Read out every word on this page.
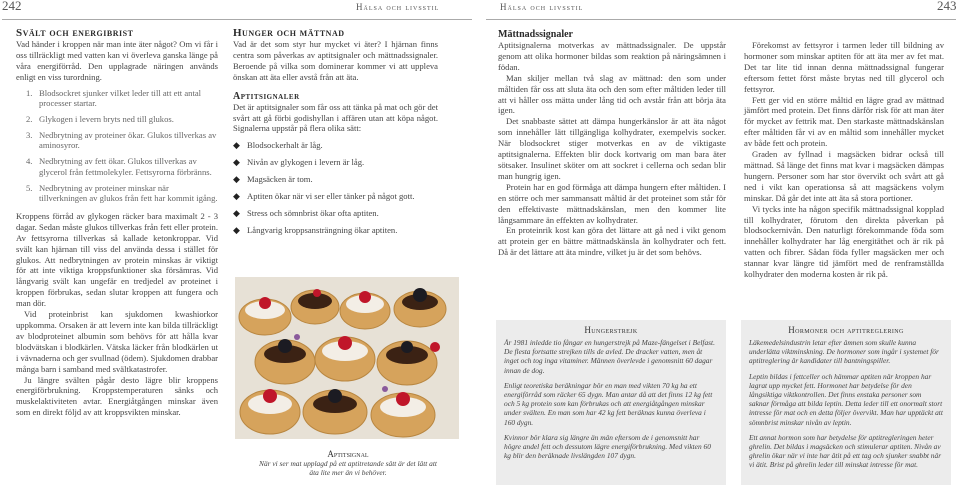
242	Hälsa och livsstil	Hälsa och livsstil	243
Svält och energibrist

Vad händer i kroppen när man inte äter något? Om vi får i oss tillräckligt med vatten kan vi överleva ganska länge på våra energiförråd. Den upplagrade näringen används enligt en viss turordning.

1. Blodsockret sjunker vilket leder till att ett antal processer startar.
2. Glykogen i levern bryts ned till glukos.
3. Nedbrytning av proteiner ökar. Glukos tillverkas av aminosyror.
4. Nedbrytning av fett ökar. Glukos tillverkas av glycerol från fettmolekyler. Fettsyrorna förbränns.
5. Nedbrytning av proteiner minskar när tillverkningen av glukos från fett har kommit igång.

Kroppens förråd av glykogen räcker bara maximalt 2 - 3 dagar. Sedan måste glukos tillverkas från fett eller protein. Av fettsyrorna tillverkas så kallade ketonkroppar. Vid svält kan hjärnan till viss del använda dessa i stället för glukos. Att nedbrytningen av protein minskas är viktigt för att inte viktiga kroppsfunktioner ska försämras. Vid långvarig svält kan ungefär en tredjedel av proteinet i kroppen förbrukas, sedan slutar kroppen att fungera och man dör.

Vid proteinbrist kan sjukdomen kwashiorkor uppkomma. Orsaken är att levern inte kan bilda tillräckligt av blodproteinet albumin som behövs för att hålla kvar blodvätskan i blodkärlen. Vätska läcker från blodkärlen ut i vävnaderna och ger svullnad (ödem). Sjukdomen drabbar många barn i samband med svältkatastrofer.

Ju längre svälten pågår desto lägre blir kroppens energiförbrukning. Kroppstemperaturen sänks och muskelaktiviteten avtar. Energiåtgången minskar även som en direkt följd av att kroppsvikten minskar.

Hunger och mättnad

Vad är det som styr hur mycket vi äter? I hjärnan finns centra som påverkas av aptitsignaler och mättnadssignaler. Beroende på vilka som dominerar kommer vi att uppleva önskan att äta eller avstå från att äta.

Aptitsignaler

Det är aptitsignaler som får oss att tänka på mat och gör det svårt att gå förbi godishyllan i affären utan att köpa något. Signalerna uppstår på flera olika sätt:

◆ Blodsockerhalt är låg.
◆ Nivån av glykogen i levern är låg.
◆ Magsäcken är tom.
◆ Aptiten ökar när vi ser eller tänker på något gott.
◆ Stress och sömnbrist ökar ofta aptiten.
◆ Långvarig kroppsansträngning ökar aptiten.
Aptitsignal
När vi ser mat upplagd på ett aptitretande sätt är det lätt att äta lite mer än vi behöver.
Mättnadssignaler

Aptitsignalerna motverkas av mättnadssignaler. De uppstår genom att olika hormoner bildas som reaktion på näringsämnen i födan.

Man skiljer mellan två slag av mättnad: den som under måltiden får oss att sluta äta och den som efter måltiden leder till att vi håller oss mätta under lång tid och avstår från att börja äta igen.

Det snabbaste sättet att dämpa hungerkänslor är att äta något som innehåller lätt tillgängliga kolhydrater, exempelvis socker. När blodsockret stiger motverkas en av de viktigaste aptitsignalerna. Effekten blir dock kortvarig om man bara äter sötsaker. Insulinet sköter om att sockret i cellerna och sedan blir man hungrig igen.

Protein har en god förmåga att dämpa hungern efter måltiden. I en större och mer sammansatt måltid är det proteinet som står för den effektivaste mättnadskänslan, men den kommer lite långsammare än effekten av kolhydrater.

En proteinrik kost kan göra det lättare att gå ned i vikt genom att protein ger en bättre mättnadskänsla än kolhydrater och fett. Då är det lättare att äta mindre, vilket ju är det som behövs.

Hungerstrejk

År 1981 inledde tio fångar en hungerstrejk på Maze-fängelset i Belfast. De flesta fortsatte strejken tills de avled. De dracker vatten, men åt inget och tog inga vitaminer. Männen överlevde i genomsnitt 60 dagar innan de dog.

Enligt teoretiska beräkningar bör en man med vikten 70 kg ha ett energiförråd som räcker 65 dygn. Man antar då att det finns 12 kg fett och 5 kg protein som kan förbrukas och att energiåtgången minskar under svälten. En man som har 42 kg fett beräknas kunna överleva i 160 dygn.

Kvinnor bör klara sig längre än män eftersom de i genomsnitt har högre andel fett och dessutom lägre energiförbrukning. Med vikten 60 kg blir den beräknade livslängden 107 dygn.

Förekomst av fettsyror i tarmen leder till bildning av hormoner som minskar aptiten för att äta mer av fet mat. Det tar lite tid innan denna mättnadssignal fungerar eftersom fettet först måste brytas ned till glycerol och fettsyror.

Fett ger vid en större måltid en lägre grad av mättnad jämfört med protein. Det finns därför risk för att man äter för mycket av fettrik mat. Den starkaste mättnadskänslan efter måltiden får vi av en måltid som innehåller mycket av både fett och protein.

Graden av fyllnad i magsäcken bidrar också till mättnad. Så länge det finns mat kvar i magsäcken dämpas hungern. Personer som har stor övervikt och svårt att gå ned i vikt kan operationsa så att magsäckens volym minskar. Då går det inte att äta så stora portioner.

Vi tycks inte ha någon specifik mättnadssignal kopplad till kolhydrater, förutom den direkta påverkan på blodsockernivån. Den naturligt förekommande föda som innehåller kolhydrater har låg energitäthet och är rik på vatten och fibrer. Sådan föda fyller magsäcken mer och stannar kvar längre tid jämfört med de renframställda kolhydrater den moderna kosten är rik på.

Hormoner och aptitreglering

Läkemedelsindustrin letar efter ämnen som skulle kunna underlätta viktminskning. De hormoner som ingår i systemet för aptitreglering är kandidater till bantningspiller.

Leptin bildas i fettceller och hämmar aptiten när kroppen har lagrat upp mycket fett. Hormonet har betydelse för den långsiktiga viktkontrollen. Det finns enstaka personer som saknar förmåga att bilda leptin. Detta leder till ett onormalt stort intresse för mat och en detta följer övervikt. Man har upptäckt att sömnbrist minskar nivån av leptin.

Ett annat hormon som har betydelse för aptitregleringen heter ghrelin. Det bildas i magsäcken och stimulerar aptiten. Nivån av ghrelin ökar när vi inte har ätit på ett tag och sjunker snabbt när vi ätit. Brist på ghrelin leder till minskat intresse för mat.
